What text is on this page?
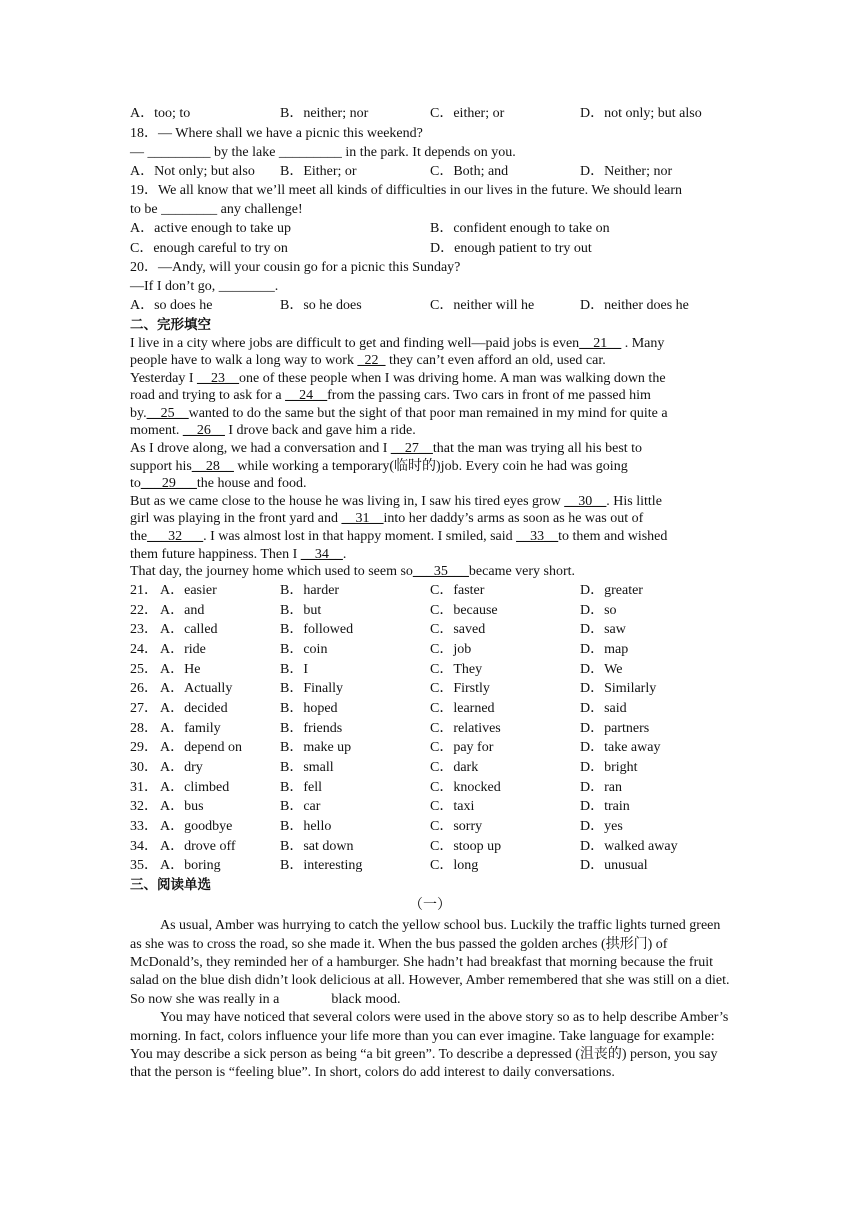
A．too; to	B．neither; nor	C．either; or	D．not only; but also
18．— Where shall we have a picnic this weekend?
— _________ by the lake _________ in the park. It depends on you.
A．Not only; but also	B．Either; or	C．Both; and	D．Neither; nor
19．We all know that we’ll meet all kinds of difficulties in our lives in the future. We should learn
to be ________ any challenge!
A．active enough to take up	B．confident enough to take on
C．enough careful to try on	D．enough patient to try out
20．—Andy, will your cousin go for a picnic this Sunday?
—If I don’t go, ________.
A．so does he	B．so he does	C．neither will he	D．neither does he
二、完形填空
I live in a city where jobs are difficult to get and finding well—paid jobs is even__21__ . Many
people have to walk a long way to work _22_ they can’t even afford an old, used car.
Yesterday I __23__one of these people when I was driving home. A man was walking down the
road and trying to ask for a __24__from the passing cars. Two cars in front of me passed him
by.__25__wanted to do the same but the sight of that poor man remained in my mind for quite a
moment. __26__ I drove back and gave him a ride.
As I drove along, we had a conversation and I __27__that the man was trying all his best to
support his__28__ while working a temporary(临时的)job. Every coin he had was going
to___29___the house and food.
But as we came close to the house he was living in, I saw his tired eyes grow __30__. His little
girl was playing in the front yard and __31__into her daddy’s arms as soon as he was out of
the___32___. I was almost lost in that happy moment. I smiled, said __33__to them and wished
them future happiness. Then I __34__.
That day, the journey home which used to seem so___35___became very short.
21． A．easier	B．harder	C．faster	D．greater
22． A．and	B．but	C．because	D．so
23． A．called	B．followed	C．saved	D．saw
24． A．ride	B．coin	C．job	D．map
25． A．He	B．I	C．They	D．We
26． A．Actually	B．Finally	C．Firstly	D．Similarly
27． A．decided	B．hoped	C．learned	D．said
28． A．family	B．friends	C．relatives	D．partners
29． A．depend on	B．make up	C．pay for	D．take away
30． A．dry	B．small	C．dark	D．bright
31． A．climbed	B．fell	C．knocked	D．ran
32． A．bus	B．car	C．taxi	D．train
33． A．goodbye	B．hello	C．sorry	D．yes
34． A．drove off	B．sat down	C．stoop up	D．walked away
35． A．boring	B．interesting	C．long	D．unusual
三、阅读单选
（一）

As usual, Amber was hurrying to catch the yellow school bus. Luckily the traffic lights turned green as she was to cross the road, so she made it. When the bus passed the golden arches (拱形门) of McDonald’s, they reminded her of a hamburger. She hadn’t had breakfast that morning because the fruit salad on the blue dish didn’t look delicious at all. However, Amber remembered that she was still on a diet. So now she was really in a	black mood.

You may have noticed that several colors were used in the above story so as to help describe Amber’s morning. In fact, colors influence your life more than you can ever imagine. Take language for example: You may describe a sick person as being “a bit green”. To describe a depressed (沮丧的) person, you say that the person is “feeling blue”. In short, colors do add interest to daily conversations.
